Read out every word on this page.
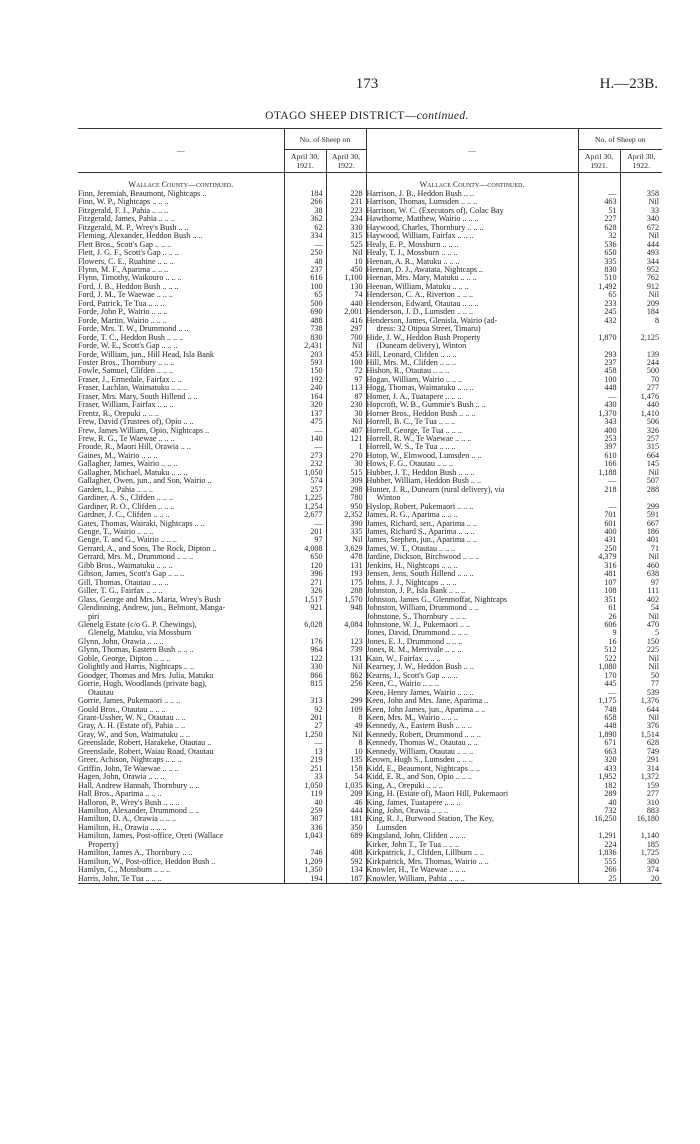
173	H.—23B.
OTAGO SHEEP DISTRICT—continued.
—	No. of Sheep on		—	No. of Sheep on	
	April 30, 1921.	April 30, 1922.		April 30, 1921.	April 30, 1922.

Wallace County—continued.			Wallace County—continued.		
Finn, Jeremiah, Beaumont, Nightcaps ..	184	228	Harrison, J. B., Heddon Bush .. ..	—	358
Finn, W. P., Nightcaps .. .. ..	266	231	Harrison, Thomas, Lumsden .. .. ..	463	Nil
Fitzgerald, F. J., Pahia .. .. ..	38	223	Harrison, W. C. (Executors of), Colac Bay	51	33
Fitzgerald, James, Pahia .. .. ..	362	234	Hawthorne, Matthew, Wairio .. .. ..	227	340
Fitzgerald, M. P., Wrey's Bush .. ..	62	330	Haywood, Charles, Thornbury .. .. ..	628	672
Fleming, Alexander, Heddon Bush .. ..	334	315	Haywood, William, Fairfax .. .. ..	32	Nil
Flett Bros., Scott's Gap .. .. ..	—	525	Healy, E. P., Mossburn .. .. ..	536	444
Flett, J. G. F., Scott's Gap .. .. ..	250	Nil	Healy, T. J., Mossburn .. .. ..	650	493
Flowers, C. E., Ruahine .. .. ..	48	10	Heenan, A. R., Matuku .. .. ..	335	344
Flynn, M. F., Aparima .. .. ..	237	450	Heenan, D. J., Awatata, Nightcaps ..	830	952
Flynn, Timothy, Waikouro .. .. ..	616	1,100	Heenan, Mrs. Mary, Matuku .. .. ..	510	762
Ford, J. B., Heddon Bush .. .. ..	100	130	Heenan, William, Matuku .. .. ..	1,492	912
Ford, J. M., Te Waewae .. .. ..	65	74	Henderson, C. A., Riverton .. .. ..	65	Nil
Ford, Patrick, Te Tua .. .. ..	500	440	Henderson, Edward, Otautau .. .. ..	233	209
Forde, John P., Wairio .. .. ..	690	2,001	Henderson, J. D., Lumsden .. .. ..	245	184
Forde, Martin, Wairio .. .. ..	488	416	Henderson, James, Glenisla, Wairio (ad-	432	8
Forde, Mrs. T. W., Drummond .. ..	738	297	dress: 32 Otipua Street, Timaru)		
Forde, T. C., Heddon Bush .. .. ..	830	700	Hide, J. W., Heddon Bush Property	1,870	2,125
Forde, W. E., Scott's Gap .. .. ..	2,431	Nil	(Dunearn delivery), Winton		
Forde, William, jun., Hill Head, Isla Bank	203	453	Hill, Leonard, Clifden .. .. ..	293	139
Foster Bros., Thornbury .. .. ..	593	100	Hill, Mrs. M., Clifden .. .. ..	237	244
Fowle, Samuel, Clifden .. .. ..	150	72	Hishon, R., Otautau .. .. ..	458	500
Fraser, J., Ermedale, Fairfax .. ..	192	97	Hogan, William, Wairio .. .. ..	100	70
Fraser, Lachlan, Waimatuku .. .. ..	240	113	Hogg, Thomas, Waimatuku .. .. ..	448	277
Fraser, Mrs. Mary, South Hillend .. ..	164	87	Homer, J. A., Tuatapere .. .. ..	—	1,476
Fraser, William, Fairfax .. .. ..	320	230	Hopcroft, W. B., Gummie's Bush .. ..	430	440
Frentz, R., Orepuki .. .. ..	137	30	Horner Bros., Heddon Bush .. .. ..	1,370	1,410
Frew, David (Trustees of), Opio .. ..	475	Nil	Horrell, B. C., Te Tua .. .. ..	343	506
Frew, James William, Opio, Nightcaps ..	—	407	Horrell, George, Te Tua .. .. ..	400	326
Frew, R. G., Te Waewae .. .. ..	140	121	Horrell, R. W., Te Waewae .. .. ..	253	257
Froude, R., Maori Hill, Orawia .. ..	—	1	Horrell, W. S., Te Tua .. .. ..	397	315
Gaines, M., Wairio .. .. ..	273	270	Hotop, W., Elmwood, Lumsden .. ..	610	664
Gallagher, James, Wairio .. .. ..	232	30	Hows, F. G., Otautau .. .. ..	166	145
Gallagher, Michael, Matuku .. .. ..	1,050	515	Hubber, J. T., Heddon Bush .. .. ..	1,188	Nil
Gallagher, Owen, jun., and Son, Wairio ..	574	309	Hubber, William, Heddon Bush .. ..	—	507
Garden, L., Pahia .. .. ..	257	298	Hunter, J. R., Dunearn (rural delivery), via	218	288
Gardiner, A. S., Clifden .. .. ..	1,225	780	Winton		
Gardiner, R. O., Clifden .. .. ..	1,254	950	Hyslop, Robert, Pukemaori .. .. ..	—	299
Gardner, J. C., Clifden .. .. ..	2,677	2,352	James, R. G., Aparima .. .. ..	701	591
Gates, Thomas, Wairaki, Nightcaps .. ..	—	390	James, Richard, sen., Aparima .. ..	601	667
Genge, T., Wairio .. .. ..	201	335	James, Richard S., Aparima .. .. ..	400	186
Genge, T. and G., Wairio .. .. ..	97	Nil	James, Stephen, jun., Aparima .. ..	431	401
Gerrard, A., and Sons, The Rock, Dipton ..	4,008	3,629	James, W. T., Otautau .. .. ..	250	71
Gerrard, Mrs. M., Drummond .. .. ..	650	478	Jardine, Dickson, Birchwood .. .. ..	4,379	Nil
Gibb Bros., Waimatuku .. .. ..	120	131	Jenkins, H., Nightcaps .. .. ..	316	460
Gibson, James, Scott's Gap .. .. ..	396	193	Jensen, Jens, South Hillend .. .. ..	481	638
Gill, Thomas, Otautau .. .. ..	271	175	Johns, J. J., Nightcaps .. .. ..	107	97
Giller, T. G., Fairfax .. .. ..	326	288	Johnston, J. P., Isla Bank .. .. ..	108	111
Glass, George and Mrs. Maria, Wrey's Bush	1,517	1,570	Johnston, James G., Glenmoffat, Nightcaps	351	402
Glendinning, Andrew, jun., Belmont, Manga-	921	948	Johnston, William, Drummond .. ..	61	54
piri			Johnstone, S., Thornbury .. .. ..	26	Nil
Glenelg Estate (c/o G. P. Chewings),	6,028	4,084	Johnstone, W. J., Pukemaori .. ..	606	470
Glenelg, Matuku, via Mossburn			Jones, David, Drummond .. .. ..	9	5
Glynn, John, Orawia .. .. ..	176	123	Jones, E. J., Drummond .. .. ..	16	150
Glynn, Thomas, Eastern Bush .. .. ..	964	739	Jones, R. M., Merrivale .. .. ..	512	225
Goble, George, Dipton .. .. ..	122	131	Kain, W., Fairfax .. .. ..	522	Nil
Golightly and Harris, Nightcaps .. ..	330	Nil	Kearney, J. W., Heddon Bush .. ..	1,080	Nil
Goodger, Thomas and Mrs. Julia, Matuku	866	862	Kearns, J., Scott's Gap .. .. ..	170	50
Gorrie, Hugh, Woodlands (private bag),	815	256	Keen, C., Wairio .. .. ..	445	77
Otautau			Keen, Henry James, Wairio .. .. ..	—	539
Gorrie, James, Pukemaori .. .. ..	313	299	Keen, John and Mrs. Jane, Aparima ..	1,175	1,376
Gould Bros., Otautau .. .. ..	92	109	Keen, John James, jun., Aparima .. ..	748	644
Grant-Ussher, W. N., Otautau .. ..	201	8	Keen, Mrs. M., Wairio .. .. ..	658	Nil
Gray, A. H. (Estate of), Pahia .. ..	27	49	Kennedy, A., Eastern Bush .. .. ..	448	376
Gray, W., and Son, Waimatuku .. ..	1,250	Nil	Kennedy, Robert, Drummond .. .. ..	1,890	1,514
Greenslade, Robert, Harakeke, Otautau ..	—	8	Kennedy, Thomas W., Otautau .. ..	671	628
Greenslade, Robert, Waiau Road, Otautau	13	10	Kennedy, William, Otautau .. .. ..	663	749
Greer, Achison, Nightcaps .. .. ..	219	135	Keown, Hugh S., Lumsden .. .. ..	320	291
Griffin, John, Te Waewae .. .. ..	251	158	Kidd, E., Beaumont, Nightcaps .. ..	433	314
Hagen, John, Orawia .. .. ..	33	54	Kidd, E. R., and Son, Opio .. .. ..	1,952	1,372
Hall, Andrew Hannah, Thornbury .. ..	1,050	1,035	King, A., Orepuki .. .. ..	182	159
Hall Bros., Aparima .. .. ..	119	209	King, H. (Estate of), Maori Hill, Pukemaori	289	277
Halloron, P., Wrey's Bush .. .. ..	40	46	King, James, Tuatapere .. .. ..	40	310
Hamilton, Alexander, Drummond .. ..	259	444	King, John, Orawia .. .. ..	732	883
Hamilton, D. A., Orawia .. .. ..	307	181	King, R. J., Burwood Station, The Key,	16,250	16,180
Hamilton, H., Orawia .. .. ..	336	350	Lumsden		
Hamilton, James, Post-office, Oreti (Wallace	1,043	689	Kingsland, John, Clifden .. .. ..	1,291	1,140
Property)			Kirker, John T., Te Tua .. .. ..	224	185
Hamilton, James A., Thornbury .. ..	746	408	Kirkpatrick, J., Clifden, Lillburn .. ..	1,836	1,725
Hamilton, W., Post-office, Heddon Bush ..	1,209	592	Kirkpatrick, Mrs. Thomas, Wairio .. ..	555	380
Hamlyn, C., Mossburn .. .. ..	1,350	134	Knowler, H., Te Waewae .. .. ..	266	374
Harris, John, Te Tua .. .. ..	194	187	Knowler, William, Pahia .. .. ..	25	20
